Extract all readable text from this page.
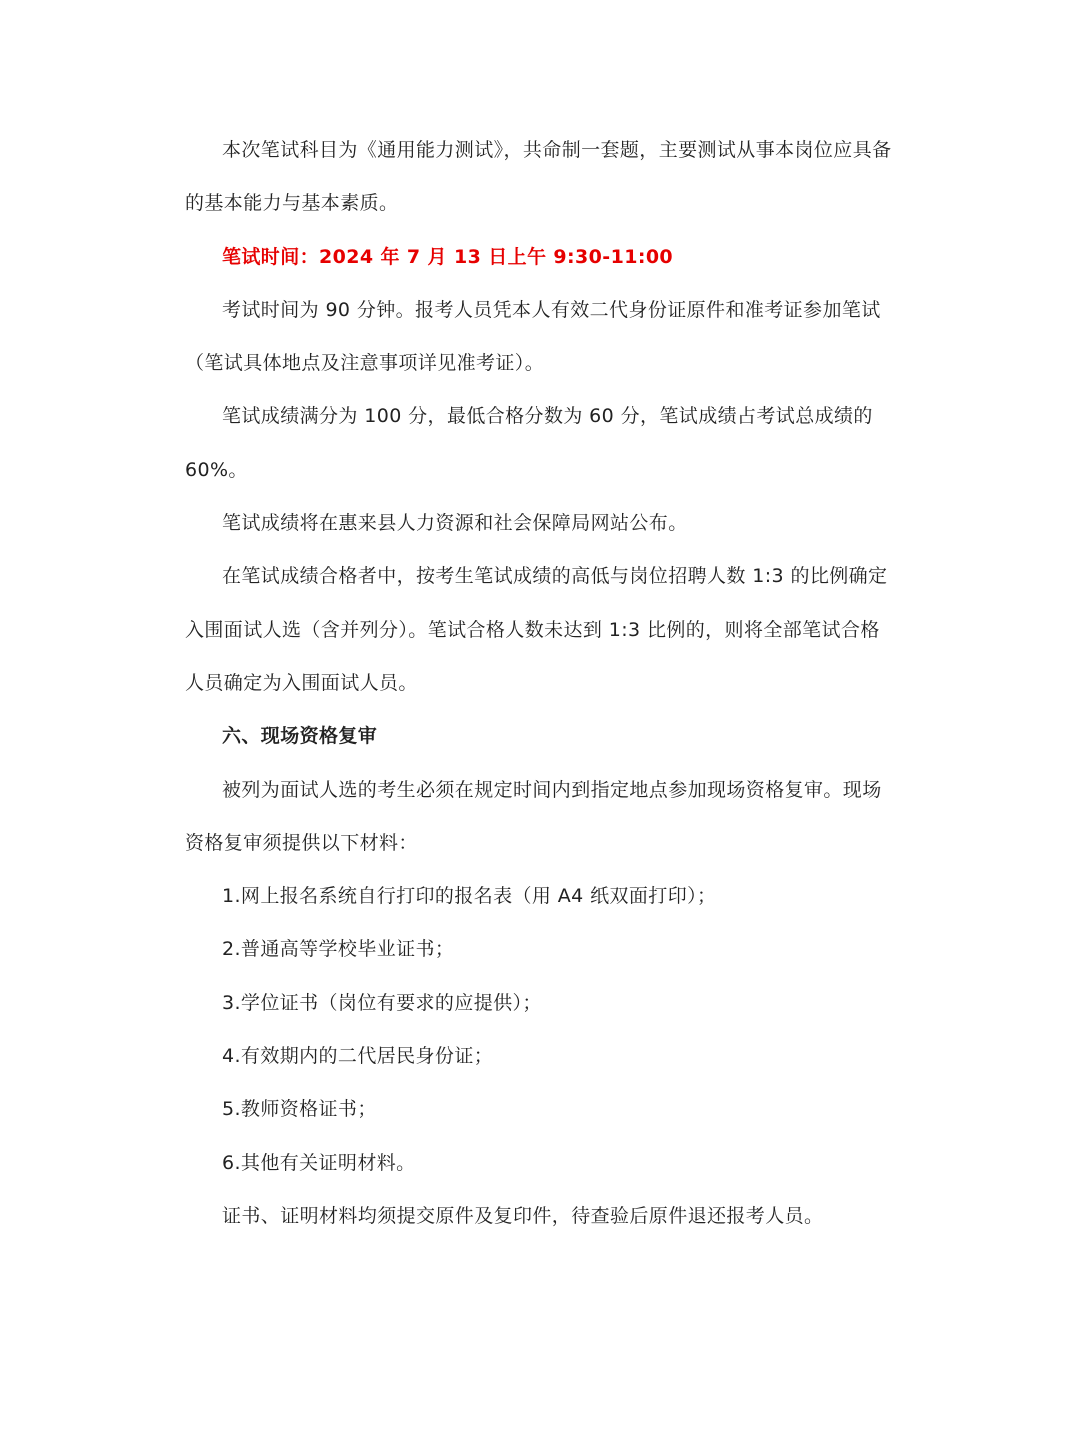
本次笔试科目为《通用能力测试》，共命制一套题，主要测试从事本岗位应具备的基本能力与基本素质。

笔试时间：2024 年 7 月 13 日上午 9:30-11:00

考试时间为 90 分钟。报考人员凭本人有效二代身份证原件和准考证参加笔试（笔试具体地点及注意事项详见准考证）。

笔试成绩满分为 100 分，最低合格分数为 60 分，笔试成绩占考试总成绩的60%。

笔试成绩将在惠来县人力资源和社会保障局网站公布。

在笔试成绩合格者中，按考生笔试成绩的高低与岗位招聘人数 1:3 的比例确定入围面试人选（含并列分）。笔试合格人数未达到 1:3 比例的，则将全部笔试合格人员确定为入围面试人员。

六、现场资格复审

被列为面试人选的考生必须在规定时间内到指定地点参加现场资格复审。现场资格复审须提供以下材料：

1.网上报名系统自行打印的报名表（用 A4 纸双面打印）；

2.普通高等学校毕业证书；

3.学位证书（岗位有要求的应提供）；

4.有效期内的二代居民身份证；

5.教师资格证书；

6.其他有关证明材料。

证书、证明材料均须提交原件及复印件，待查验后原件退还报考人员。
